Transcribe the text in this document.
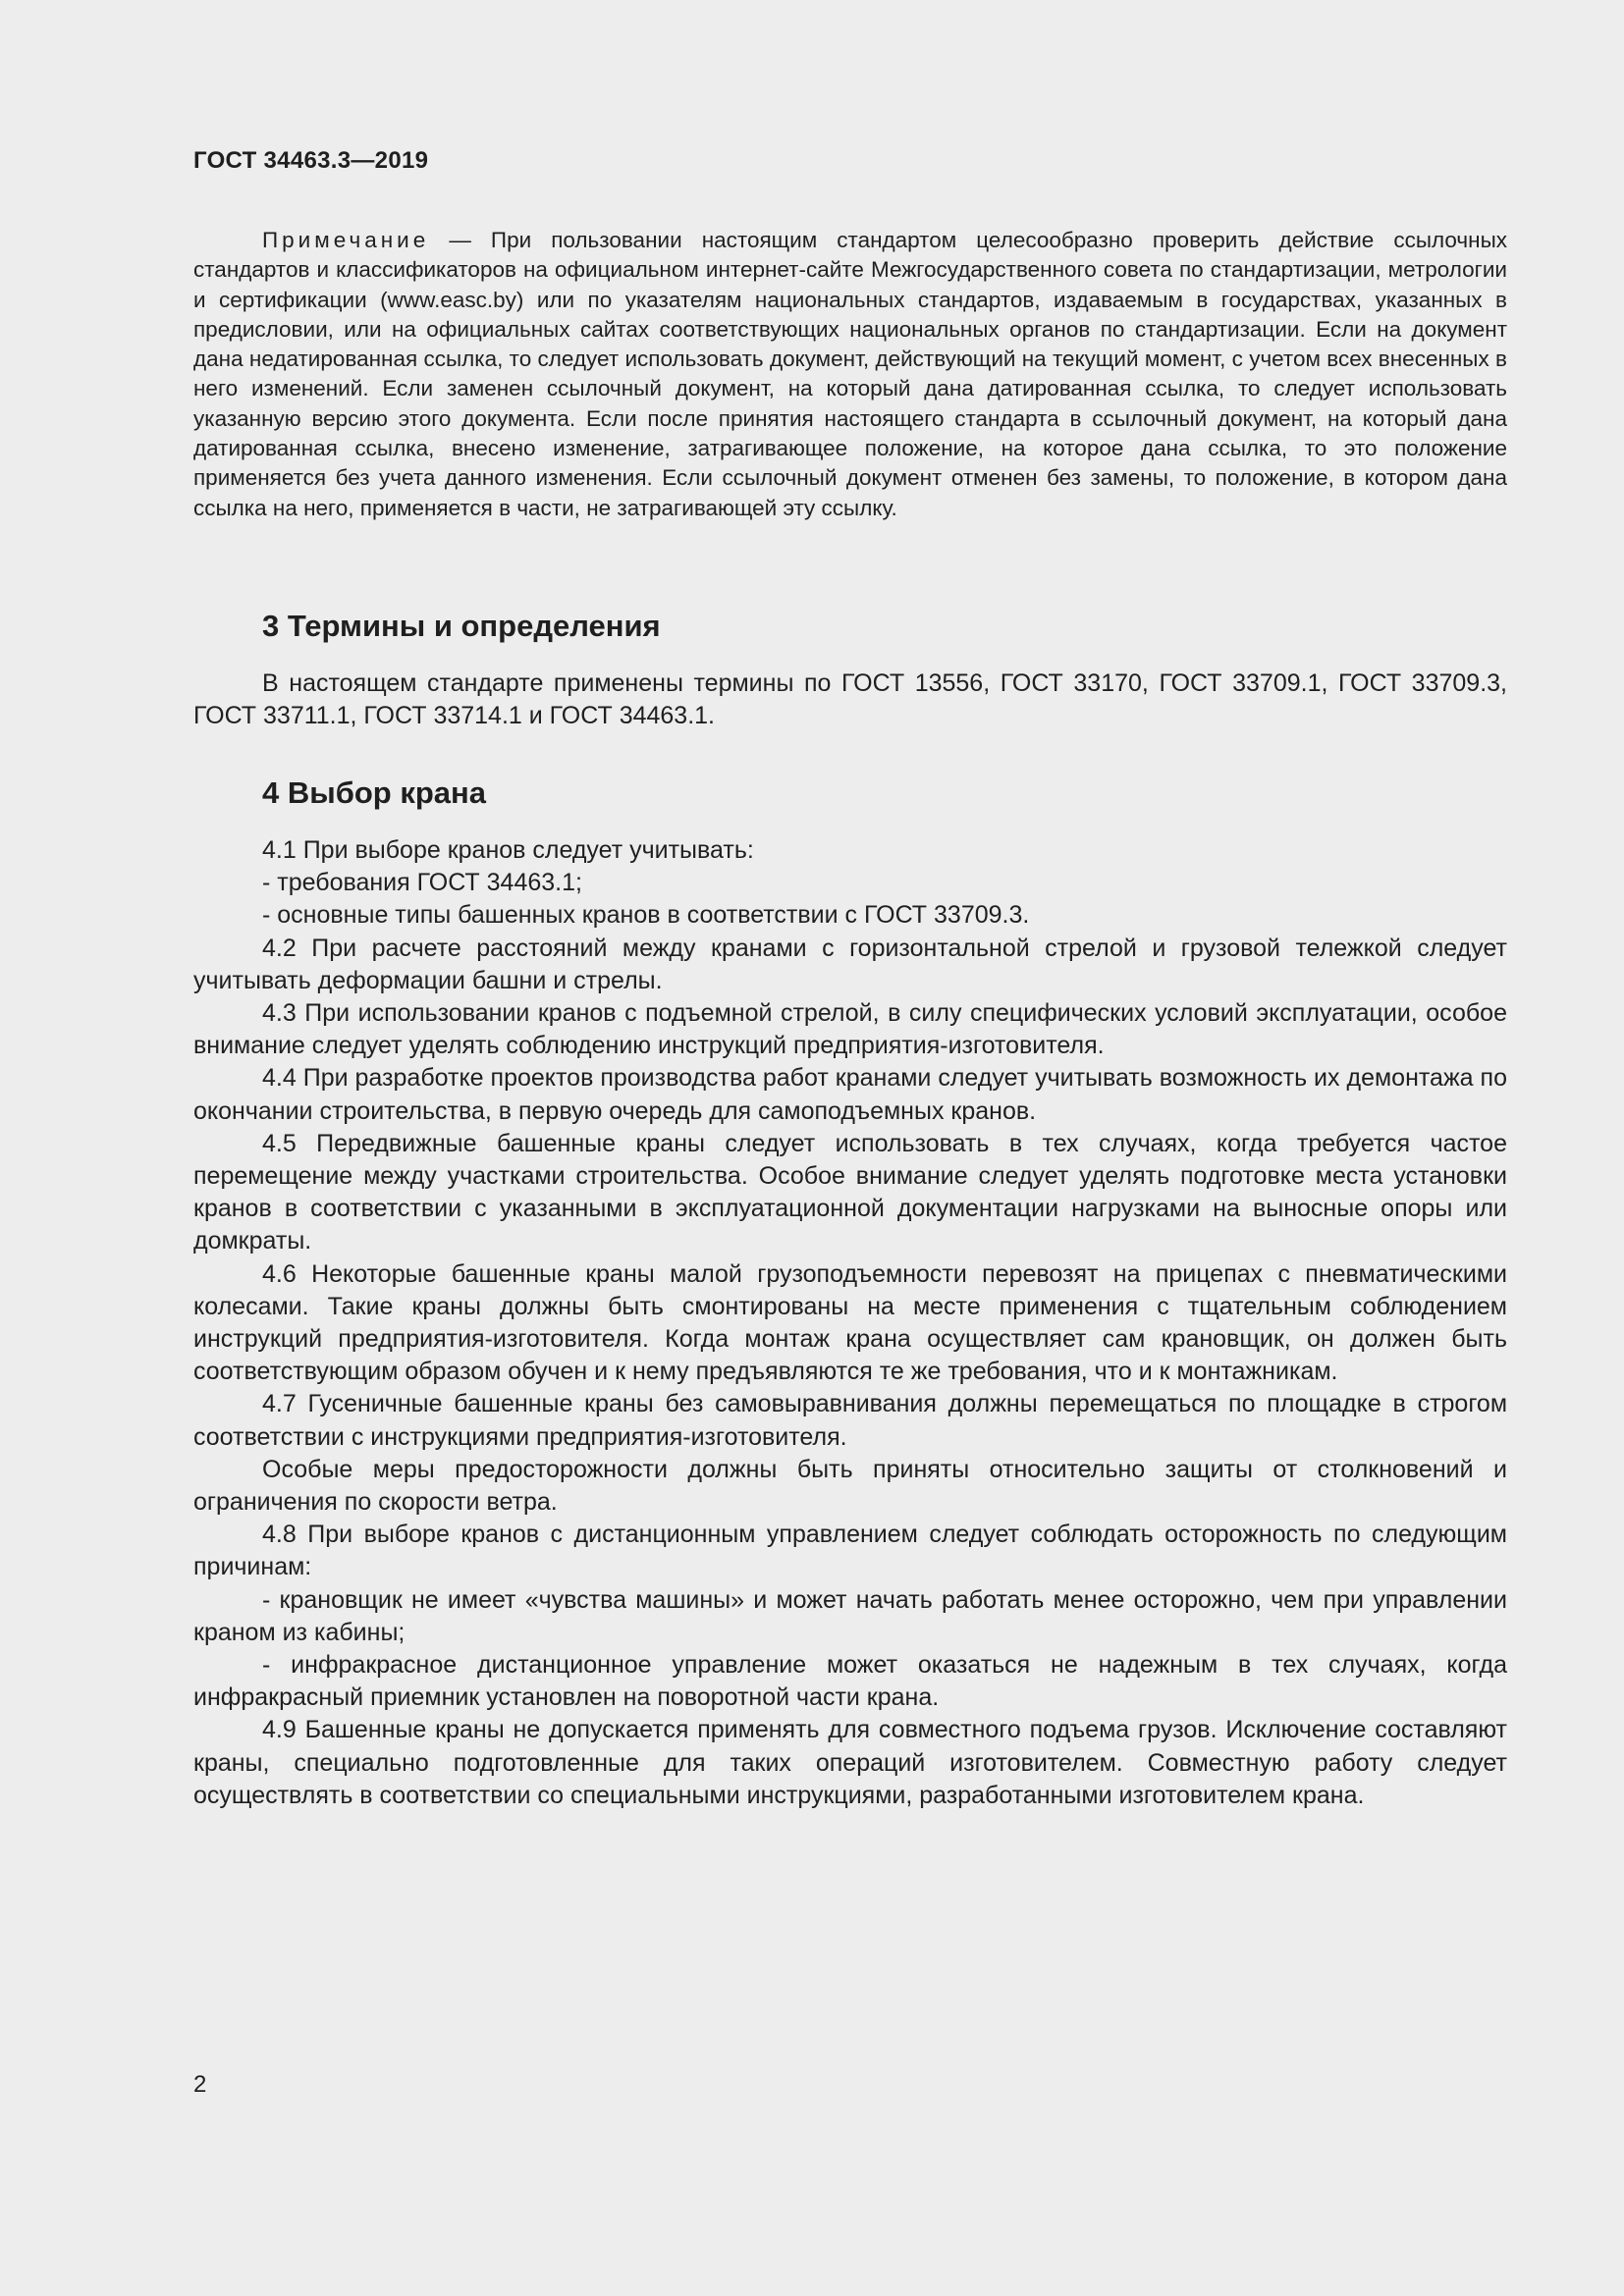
ГОСТ 34463.3—2019
Примечание — При пользовании настоящим стандартом целесообразно проверить действие ссылочных стандартов и классификаторов на официальном интернет-сайте Межгосударственного совета по стандартизации, метрологии и сертификации (www.easc.by) или по указателям национальных стандартов, издаваемым в государствах, указанных в предисловии, или на официальных сайтах соответствующих национальных органов по стандартизации. Если на документ дана недатированная ссылка, то следует использовать документ, действующий на текущий момент, с учетом всех внесенных в него изменений. Если заменен ссылочный документ, на который дана датированная ссылка, то следует использовать указанную версию этого документа. Если после принятия настоящего стандарта в ссылочный документ, на который дана датированная ссылка, внесено изменение, затрагивающее положение, на которое дана ссылка, то это положение применяется без учета данного изменения. Если ссылочный документ отменен без замены, то положение, в котором дана ссылка на него, применяется в части, не затрагивающей эту ссылку.
3 Термины и определения

В настоящем стандарте применены термины по ГОСТ 13556, ГОСТ 33170, ГОСТ 33709.1, ГОСТ 33709.3, ГОСТ 33711.1, ГОСТ 33714.1 и ГОСТ 34463.1.

4 Выбор крана

4.1 При выборе кранов следует учитывать:

- требования ГОСТ 34463.1;

- основные типы башенных кранов в соответствии с ГОСТ 33709.3.

4.2 При расчете расстояний между кранами с горизонтальной стрелой и грузовой тележкой следует учитывать деформации башни и стрелы.

4.3 При использовании кранов с подъемной стрелой, в силу специфических условий эксплуатации, особое внимание следует уделять соблюдению инструкций предприятия-изготовителя.

4.4 При разработке проектов производства работ кранами следует учитывать возможность их демонтажа по окончании строительства, в первую очередь для самоподъемных кранов.

4.5 Передвижные башенные краны следует использовать в тех случаях, когда требуется частое перемещение между участками строительства. Особое внимание следует уделять подготовке места установки кранов в соответствии с указанными в эксплуатационной документации нагрузками на выносные опоры или домкраты.

4.6 Некоторые башенные краны малой грузоподъемности перевозят на прицепах с пневматическими колесами. Такие краны должны быть смонтированы на месте применения с тщательным соблюдением инструкций предприятия-изготовителя. Когда монтаж крана осуществляет сам крановщик, он должен быть соответствующим образом обучен и к нему предъявляются те же требования, что и к монтажникам.

4.7 Гусеничные башенные краны без самовыравнивания должны перемещаться по площадке в строгом соответствии с инструкциями предприятия-изготовителя.

Особые меры предосторожности должны быть приняты относительно защиты от столкновений и ограничения по скорости ветра.

4.8 При выборе кранов с дистанционным управлением следует соблюдать осторожность по следующим причинам:

- крановщик не имеет «чувства машины» и может начать работать менее осторожно, чем при управлении краном из кабины;

- инфракрасное дистанционное управление может оказаться не надежным в тех случаях, когда инфракрасный приемник установлен на поворотной части крана.

4.9 Башенные краны не допускается применять для совместного подъема грузов. Исключение составляют краны, специально подготовленные для таких операций изготовителем. Совместную работу следует осуществлять в соответствии со специальными инструкциями, разработанными изготовителем крана.

2
